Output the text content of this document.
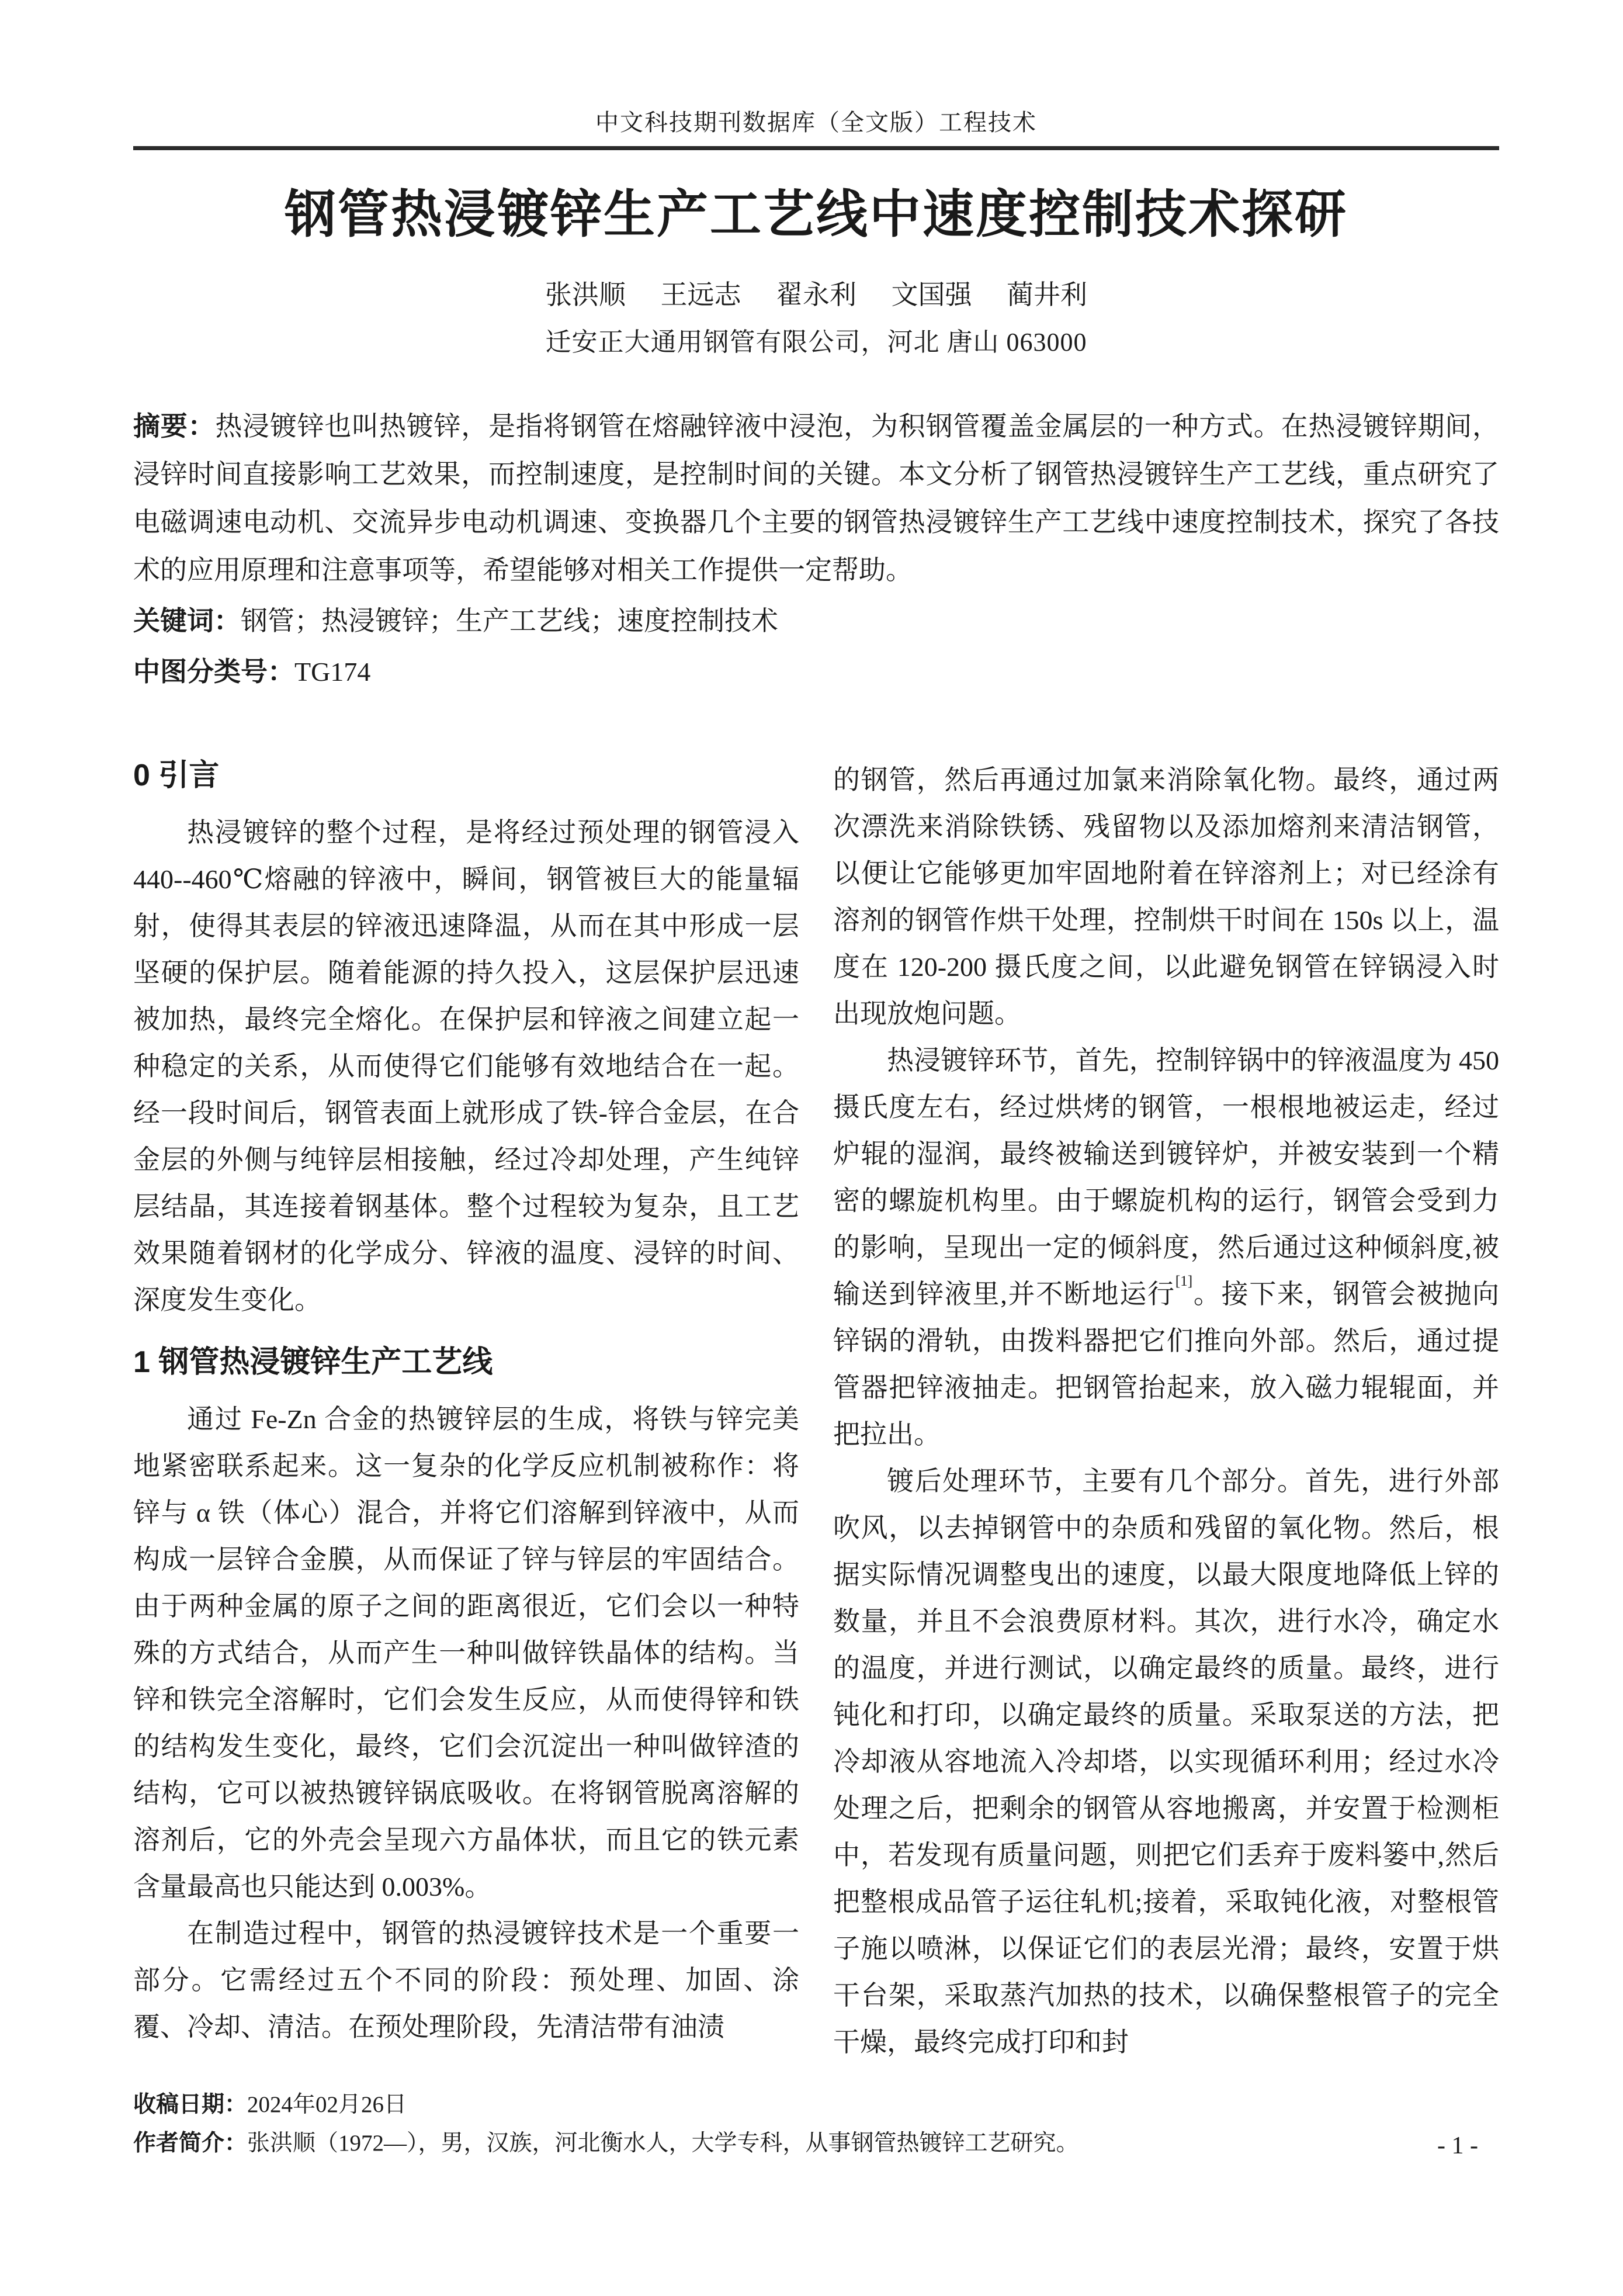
中文科技期刊数据库（全文版）工程技术
钢管热浸镀锌生产工艺线中速度控制技术探研
张洪顺 王远志 翟永利 文国强 蔺井利
迁安正大通用钢管有限公司，河北 唐山 063000
摘要：热浸镀锌也叫热镀锌，是指将钢管在熔融锌液中浸泡，为积钢管覆盖金属层的一种方式。在热浸镀锌期间，浸锌时间直接影响工艺效果，而控制速度，是控制时间的关键。本文分析了钢管热浸镀锌生产工艺线，重点研究了电磁调速电动机、交流异步电动机调速、变换器几个主要的钢管热浸镀锌生产工艺线中速度控制技术，探究了各技术的应用原理和注意事项等，希望能够对相关工作提供一定帮助。
关键词：钢管；热浸镀锌；生产工艺线；速度控制技术
中图分类号：TG174
0 引言

热浸镀锌的整个过程，是将经过预处理的钢管浸入 440--460℃熔融的锌液中，瞬间，钢管被巨大的能量辐射，使得其表层的锌液迅速降温，从而在其中形成一层坚硬的保护层。随着能源的持久投入，这层保护层迅速被加热，最终完全熔化。在保护层和锌液之间建立起一种稳定的关系，从而使得它们能够有效地结合在一起。经一段时间后，钢管表面上就形成了铁-锌合金层，在合金层的外侧与纯锌层相接触，经过冷却处理，产生纯锌层结晶，其连接着钢基体。整个过程较为复杂，且工艺效果随着钢材的化学成分、锌液的温度、浸锌的时间、深度发生变化。

1 钢管热浸镀锌生产工艺线

通过 Fe-Zn 合金的热镀锌层的生成，将铁与锌完美地紧密联系起来。这一复杂的化学反应机制被称作：将锌与 α 铁（体心）混合，并将它们溶解到锌液中，从而构成一层锌合金膜，从而保证了锌与锌层的牢固结合。由于两种金属的原子之间的距离很近，它们会以一种特殊的方式结合，从而产生一种叫做锌铁晶体的结构。当锌和铁完全溶解时，它们会发生反应，从而使得锌和铁的结构发生变化，最终，它们会沉淀出一种叫做锌渣的结构，它可以被热镀锌锅底吸收。在将钢管脱离溶解的溶剂后，它的外壳会呈现六方晶体状，而且它的铁元素含量最高也只能达到 0.003%。

在制造过程中，钢管的热浸镀锌技术是一个重要一部分。它需经过五个不同的阶段：预处理、加固、涂覆、冷却、清洁。在预处理阶段，先清洁带有油渍

的钢管，然后再通过加氯来消除氧化物。最终，通过两次漂洗来消除铁锈、残留物以及添加熔剂来清洁钢管，以便让它能够更加牢固地附着在锌溶剂上；对已经涂有溶剂的钢管作烘干处理，控制烘干时间在 150s 以上，温度在 120-200 摄氏度之间，以此避免钢管在锌锅浸入时出现放炮问题。

热浸镀锌环节，首先，控制锌锅中的锌液温度为 450 摄氏度左右，经过烘烤的钢管，一根根地被运走，经过炉辊的湿润，最终被输送到镀锌炉，并被安装到一个精密的螺旋机构里。由于螺旋机构的运行，钢管会受到力的影响，呈现出一定的倾斜度，然后通过这种倾斜度,被输送到锌液里,并不断地运行[1]。接下来，钢管会被抛向锌锅的滑轨，由拨料器把它们推向外部。然后，通过提管器把锌液抽走。把钢管抬起来，放入磁力辊辊面，并把拉出。

镀后处理环节，主要有几个部分。首先，进行外部吹风，以去掉钢管中的杂质和残留的氧化物。然后，根据实际情况调整曳出的速度，以最大限度地降低上锌的数量，并且不会浪费原材料。其次，进行水冷，确定水的温度，并进行测试，以确定最终的质量。最终，进行钝化和打印，以确定最终的质量。采取泵送的方法，把冷却液从容地流入冷却塔，以实现循环利用；经过水冷处理之后，把剩余的钢管从容地搬离，并安置于检测柜中，若发现有质量问题，则把它们丢弃于废料篓中,然后把整根成品管子运往轧机;接着，采取钝化液，对整根管子施以喷淋，以保证它们的表层光滑；最终，安置于烘干台架，采取蒸汽加热的技术，以确保整根管子的完全干燥，最终完成打印和封

收稿日期：2024年02月26日
作者简介：张洪顺（1972—），男，汉族，河北衡水人，大学专科，从事钢管热镀锌工艺研究。	- 1 -
